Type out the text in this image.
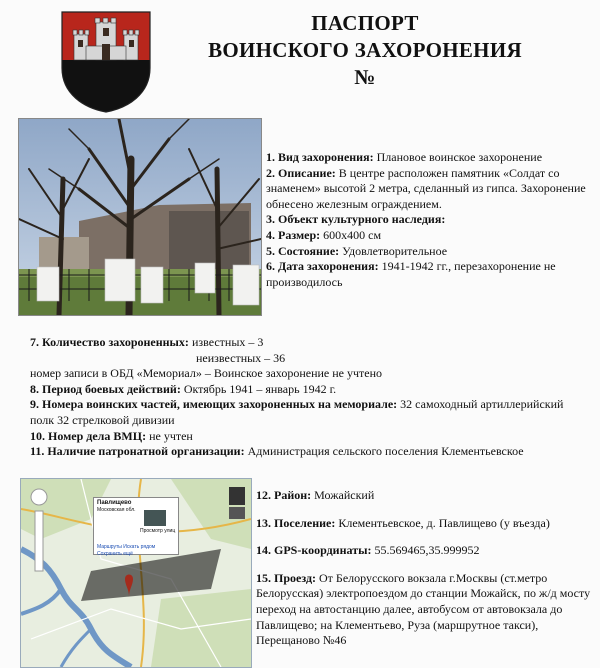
ПАСПОРТ
ВОИНСКОГО ЗАХОРОНЕНИЯ
№

1. Вид захоронения: Плановое воинское захоронение

2. Описание: В центре расположен памятник «Солдат со знаменем» высотой 2 метра, сделанный из гипса. Захоронение обнесено железным ограждением.

3. Объект культурного наследия:

4. Размер: 600х400 см

5. Состояние: Удовлетворительное

6. Дата захоронения: 1941-1942 гг., перезахоронение не производилось

7. Количество захороненных: известных – 3

неизвестных – 36

номер записи в ОБД «Мемориал» – Воинское захоронение не учтено

8. Период боевых действий: Октябрь 1941 – январь 1942 г.

9. Номера воинских частей, имеющих захороненных на мемориале: 32 самоходный артиллерийский полк 32 стрелковой дивизии

10. Номер дела ВМЦ: не учтен

11. Наличие патронатной организации: Администрация сельского поселения Клементьевское

Павлищево
Московская обл.
Просмотр улиц
Маршруты Искать рядом Сохранить ещё

12. Район: Можайский

13. Поселение: Клементьевское, д. Павлищево (у въезда)

14. GPS-координаты: 55.569465,35.999952

15. Проезд: От Белорусского вокзала г.Москвы (ст.метро Белорусская) электропоездом до станции Можайск, по ж/д мосту переход на автостанцию далее, автобусом от автовокзала до Павлищево; на Клементьево, Руза (маршрутное такси), Перещаново №46
